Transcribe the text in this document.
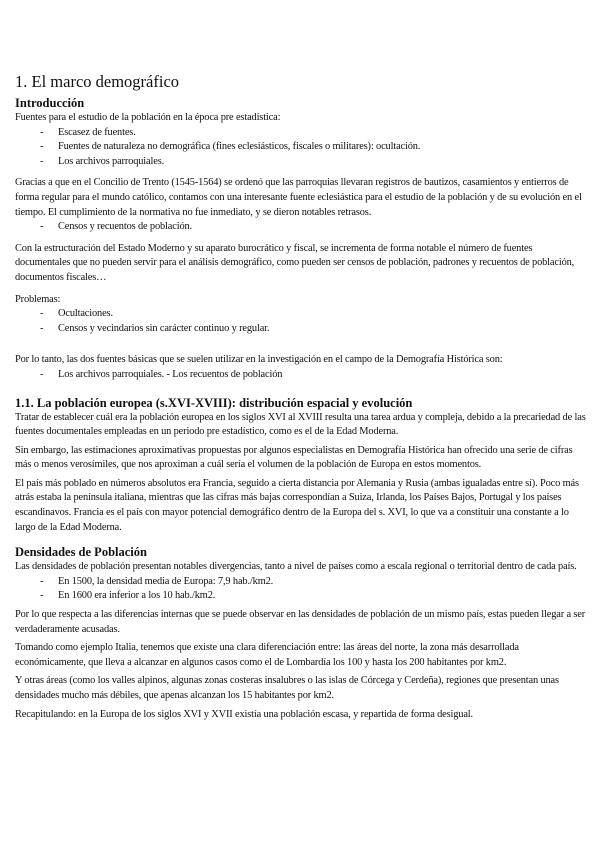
1. El marco demográfico
Introducción

Fuentes para el estudio de la población en la época pre estadística:

- Escasez de fuentes.
- Fuentes de naturaleza no demográfica (fines eclesiásticos, fiscales o militares): ocultación.
- Los archivos parroquiales.

Gracias a que en el Concilio de Trento (1545-1564) se ordenó que las parroquias llevaran registros de bautizos, casamientos y entierros de forma regular para el mundo católico, contamos con una interesante fuente eclesiástica para el estudio de la población y de su evolución en el tiempo. El cumplimiento de la normativa no fue inmediato, y se dieron notables retrasos.

- Censos y recuentos de población.

Con la estructuración del Estado Moderno y su aparato burocrático y fiscal, se incrementa de forma notable el número de fuentes documentales que no pueden servir para el análisis demográfico, como pueden ser censos de población, padrones y recuentos de población, documentos fiscales…

Problemas:

- Ocultaciones.
- Censos y vecindarios sin carácter continuo y regular.

Por lo tanto, las dos fuentes básicas que se suelen utilizar en la investigación en el campo de la Demografía Histórica son:

- Los archivos parroquiales. - Los recuentos de población
1.1. La población europea (s.XVI-XVIII): distribución espacial y evolución

Tratar de establecer cuál era la población europea en los siglos XVI al XVIII resulta una tarea ardua y compleja, debido a la precariedad de las fuentes documentales empleadas en un periodo pre estadístico, como es el de la Edad Moderna.

Sin embargo, las estimaciones aproximativas propuestas por algunos especialistas en Demografía Histórica han ofrecido una serie de cifras más o menos verosímiles, que nos aproximan a cuál sería el volumen de la población de Europa en estos momentos.

El país más poblado en números absolutos era Francia, seguido a cierta distancia por Alemania y Rusia (ambas igualadas entre sí). Poco más atrás estaba la península italiana, mientras que las cifras más bajas correspondían a Suiza, Irlanda, los Países Bajos, Portugal y los países escandinavos. Francia es el país con mayor potencial demográfico dentro de la Europa del s. XVI, lo que va a constituir una constante a lo largo de la Edad Moderna.

Densidades de Población

Las densidades de población presentan notables divergencias, tanto a nivel de países como a escala regional o territorial dentro de cada país.

- En 1500, la densidad media de Europa: 7,9 hab./km2.
- En 1600 era inferior a los 10 hab./km2.

Por lo que respecta a las diferencias internas que se puede observar en las densidades de población de un mismo país, estas pueden llegar a ser verdaderamente acusadas.

Tomando como ejemplo Italia, tenemos que existe una clara diferenciación entre: las áreas del norte, la zona más desarrollada económicamente, que lleva a alcanzar en algunos casos como el de Lombardía los 100 y hasta los 200 habitantes por km2.

Y otras áreas (como los valles alpinos, algunas zonas costeras insalubres o las islas de Córcega y Cerdeña), regiones que presentan unas densidades mucho más débiles, que apenas alcanzan los 15 habitantes por km2.

Recapitulando: en la Europa de los siglos XVI y XVII existía una población escasa, y repartida de forma desigual.
